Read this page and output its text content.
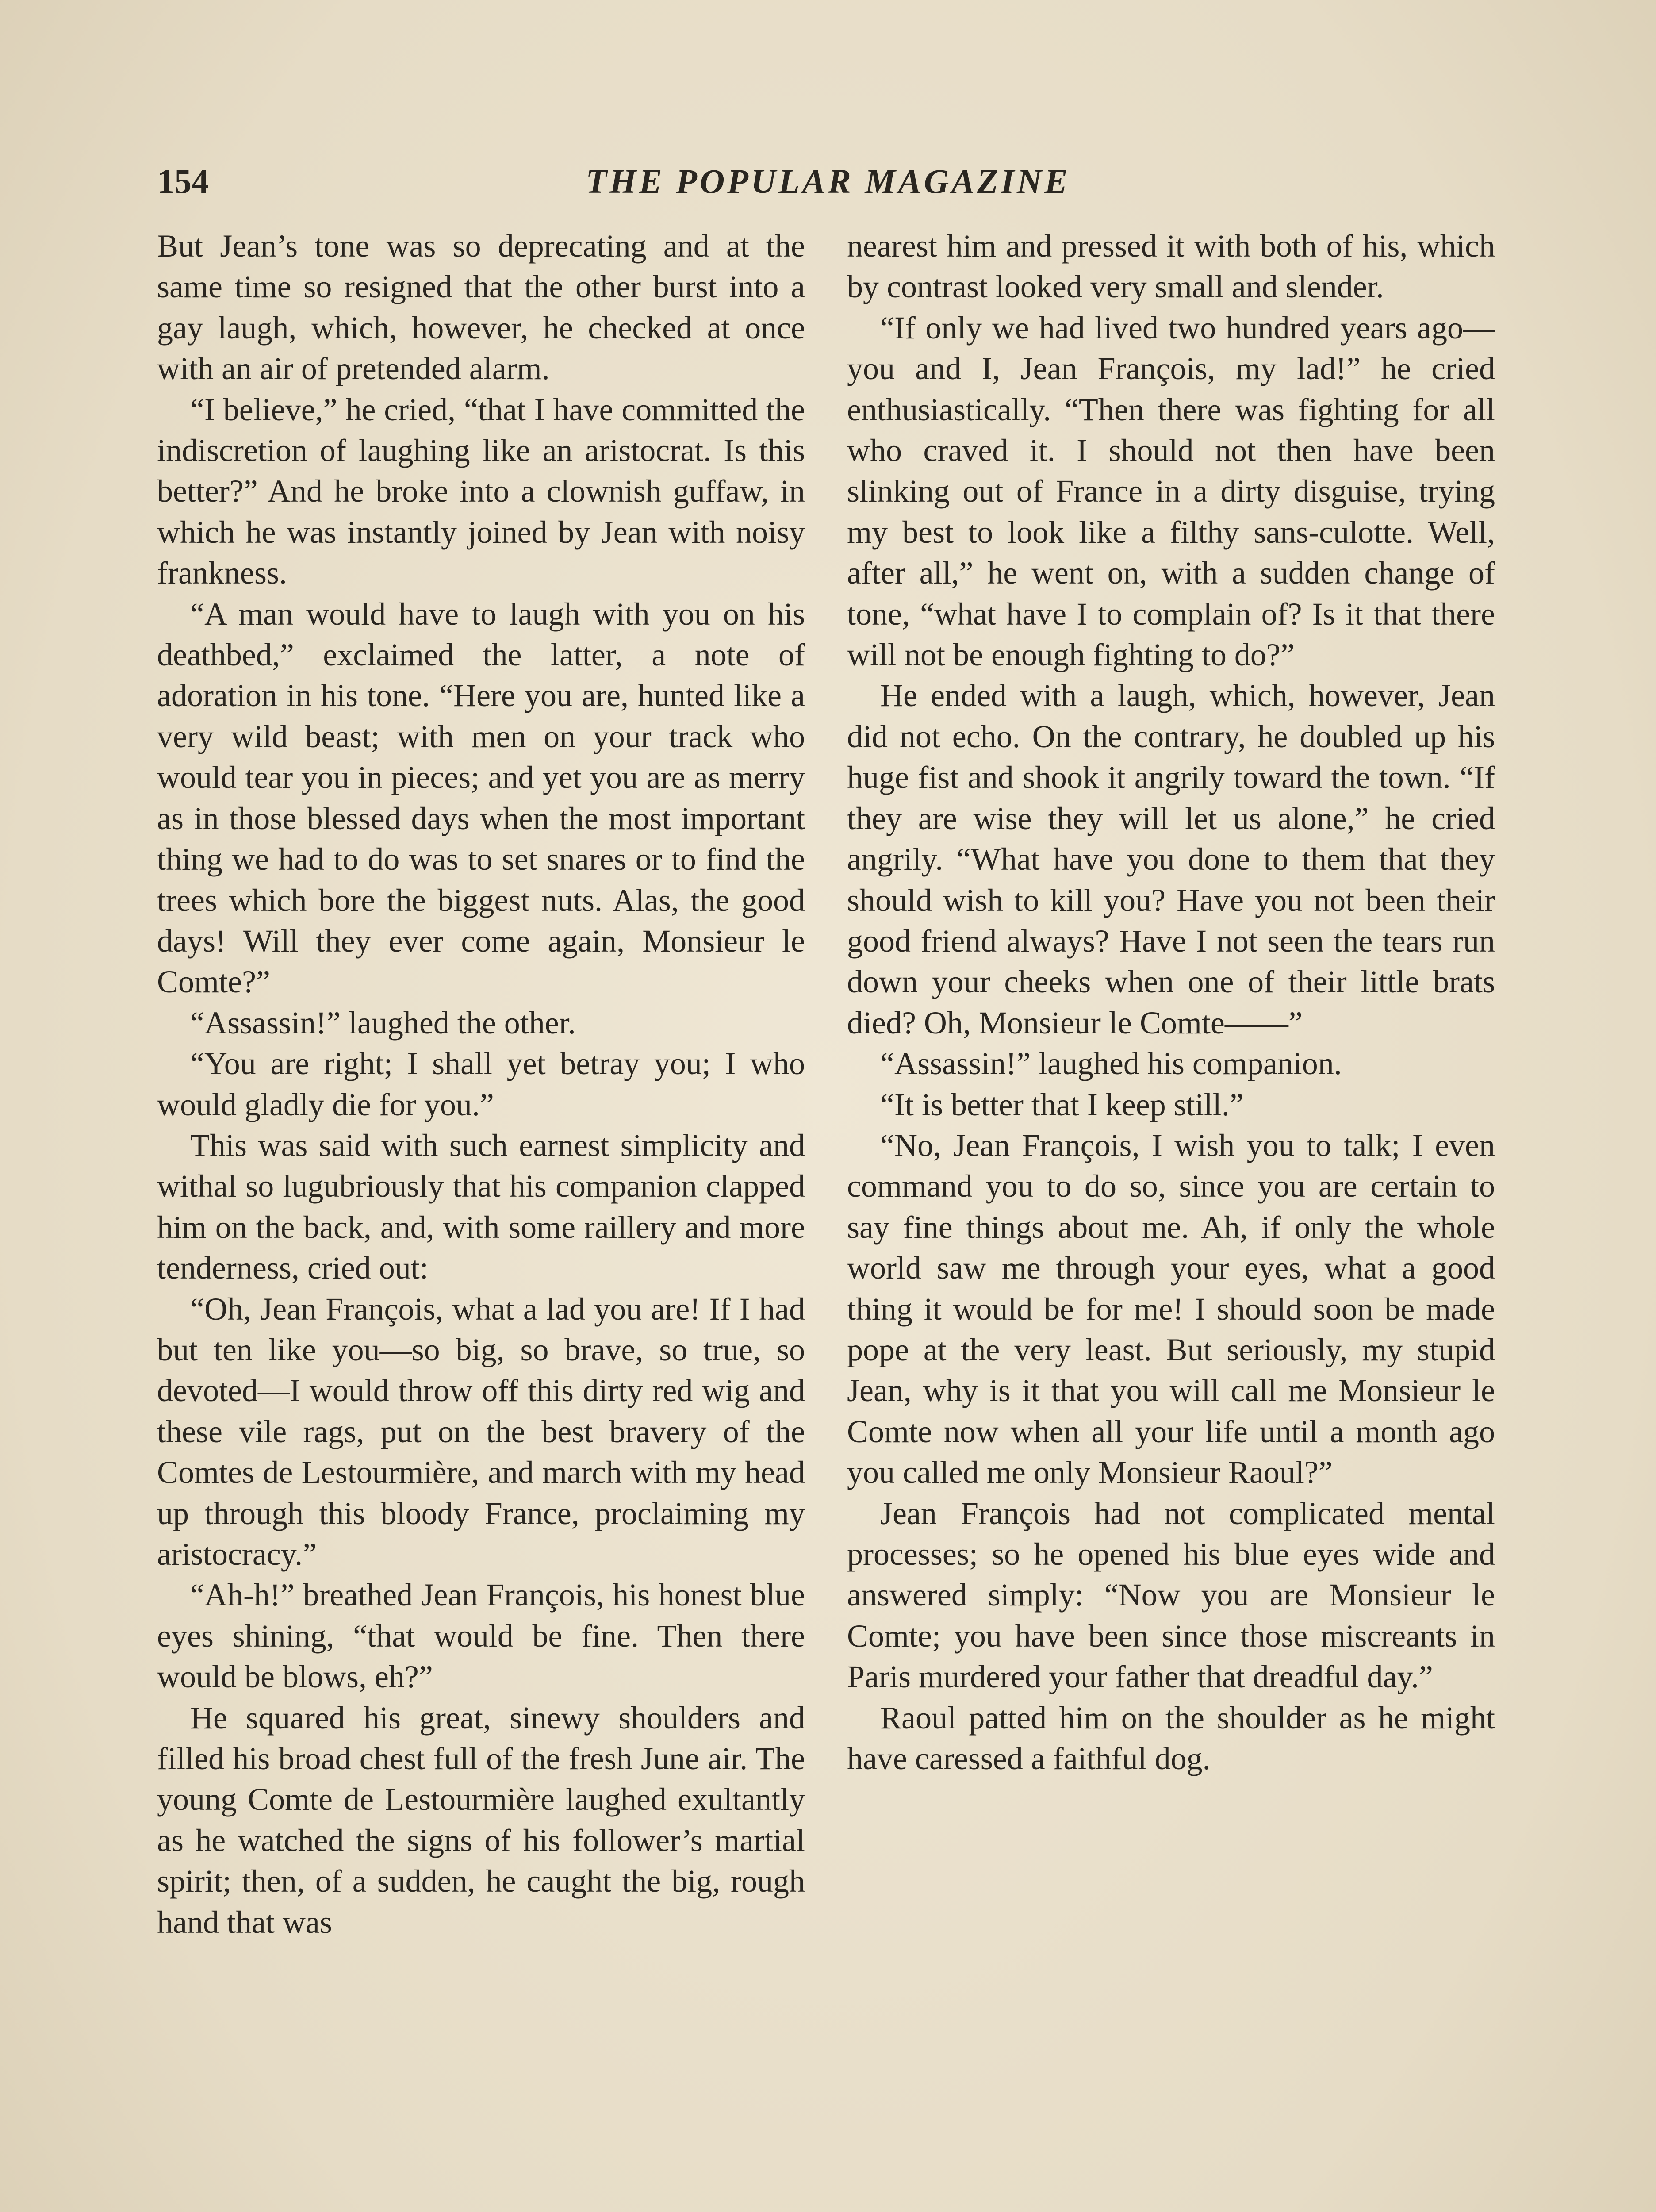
154	THE POPULAR MAGAZINE

But Jean’s tone was so deprecating and at the same time so resigned that the other burst into a gay laugh, which, however, he checked at once with an air of pretended alarm.

“I believe,” he cried, “that I have committed the indiscretion of laughing like an aristocrat. Is this better?” And he broke into a clownish guffaw, in which he was instantly joined by Jean with noisy frankness.

“A man would have to laugh with you on his deathbed,” exclaimed the latter, a note of adoration in his tone. “Here you are, hunted like a very wild beast; with men on your track who would tear you in pieces; and yet you are as merry as in those blessed days when the most important thing we had to do was to set snares or to find the trees which bore the biggest nuts. Alas, the good days! Will they ever come again, Monsieur le Comte?”

“Assassin!” laughed the other.

“You are right; I shall yet betray you; I who would gladly die for you.”

This was said with such earnest simplicity and withal so lugubriously that his companion clapped him on the back, and, with some raillery and more tenderness, cried out:

“Oh, Jean François, what a lad you are! If I had but ten like you—so big, so brave, so true, so devoted—I would throw off this dirty red wig and these vile rags, put on the best bravery of the Comtes de Lestourmière, and march with my head up through this bloody France, proclaiming my aristocracy.”

“Ah-h!” breathed Jean François, his honest blue eyes shining, “that would be fine. Then there would be blows, eh?”

He squared his great, sinewy shoulders and filled his broad chest full of the fresh June air. The young Comte de Lestourmière laughed exultantly as he watched the signs of his follower’s martial spirit; then, of a sudden, he caught the big, rough hand that was

nearest him and pressed it with both of his, which by contrast looked very small and slender.

“If only we had lived two hundred years ago—you and I, Jean François, my lad!” he cried enthusiastically. “Then there was fighting for all who craved it. I should not then have been slinking out of France in a dirty disguise, trying my best to look like a filthy sans-culotte. Well, after all,” he went on, with a sudden change of tone, “what have I to complain of? Is it that there will not be enough fighting to do?”

He ended with a laugh, which, however, Jean did not echo. On the contrary, he doubled up his huge fist and shook it angrily toward the town. “If they are wise they will let us alone,” he cried angrily. “What have you done to them that they should wish to kill you? Have you not been their good friend always? Have I not seen the tears run down your cheeks when one of their little brats died? Oh, Monsieur le Comte——”

“Assassin!” laughed his companion.

“It is better that I keep still.”

“No, Jean François, I wish you to talk; I even command you to do so, since you are certain to say fine things about me. Ah, if only the whole world saw me through your eyes, what a good thing it would be for me! I should soon be made pope at the very least. But seriously, my stupid Jean, why is it that you will call me Monsieur le Comte now when all your life until a month ago you called me only Monsieur Raoul?”

Jean François had not complicated mental processes; so he opened his blue eyes wide and answered simply: “Now you are Monsieur le Comte; you have been since those miscreants in Paris murdered your father that dreadful day.”

Raoul patted him on the shoulder as he might have caressed a faithful dog.
